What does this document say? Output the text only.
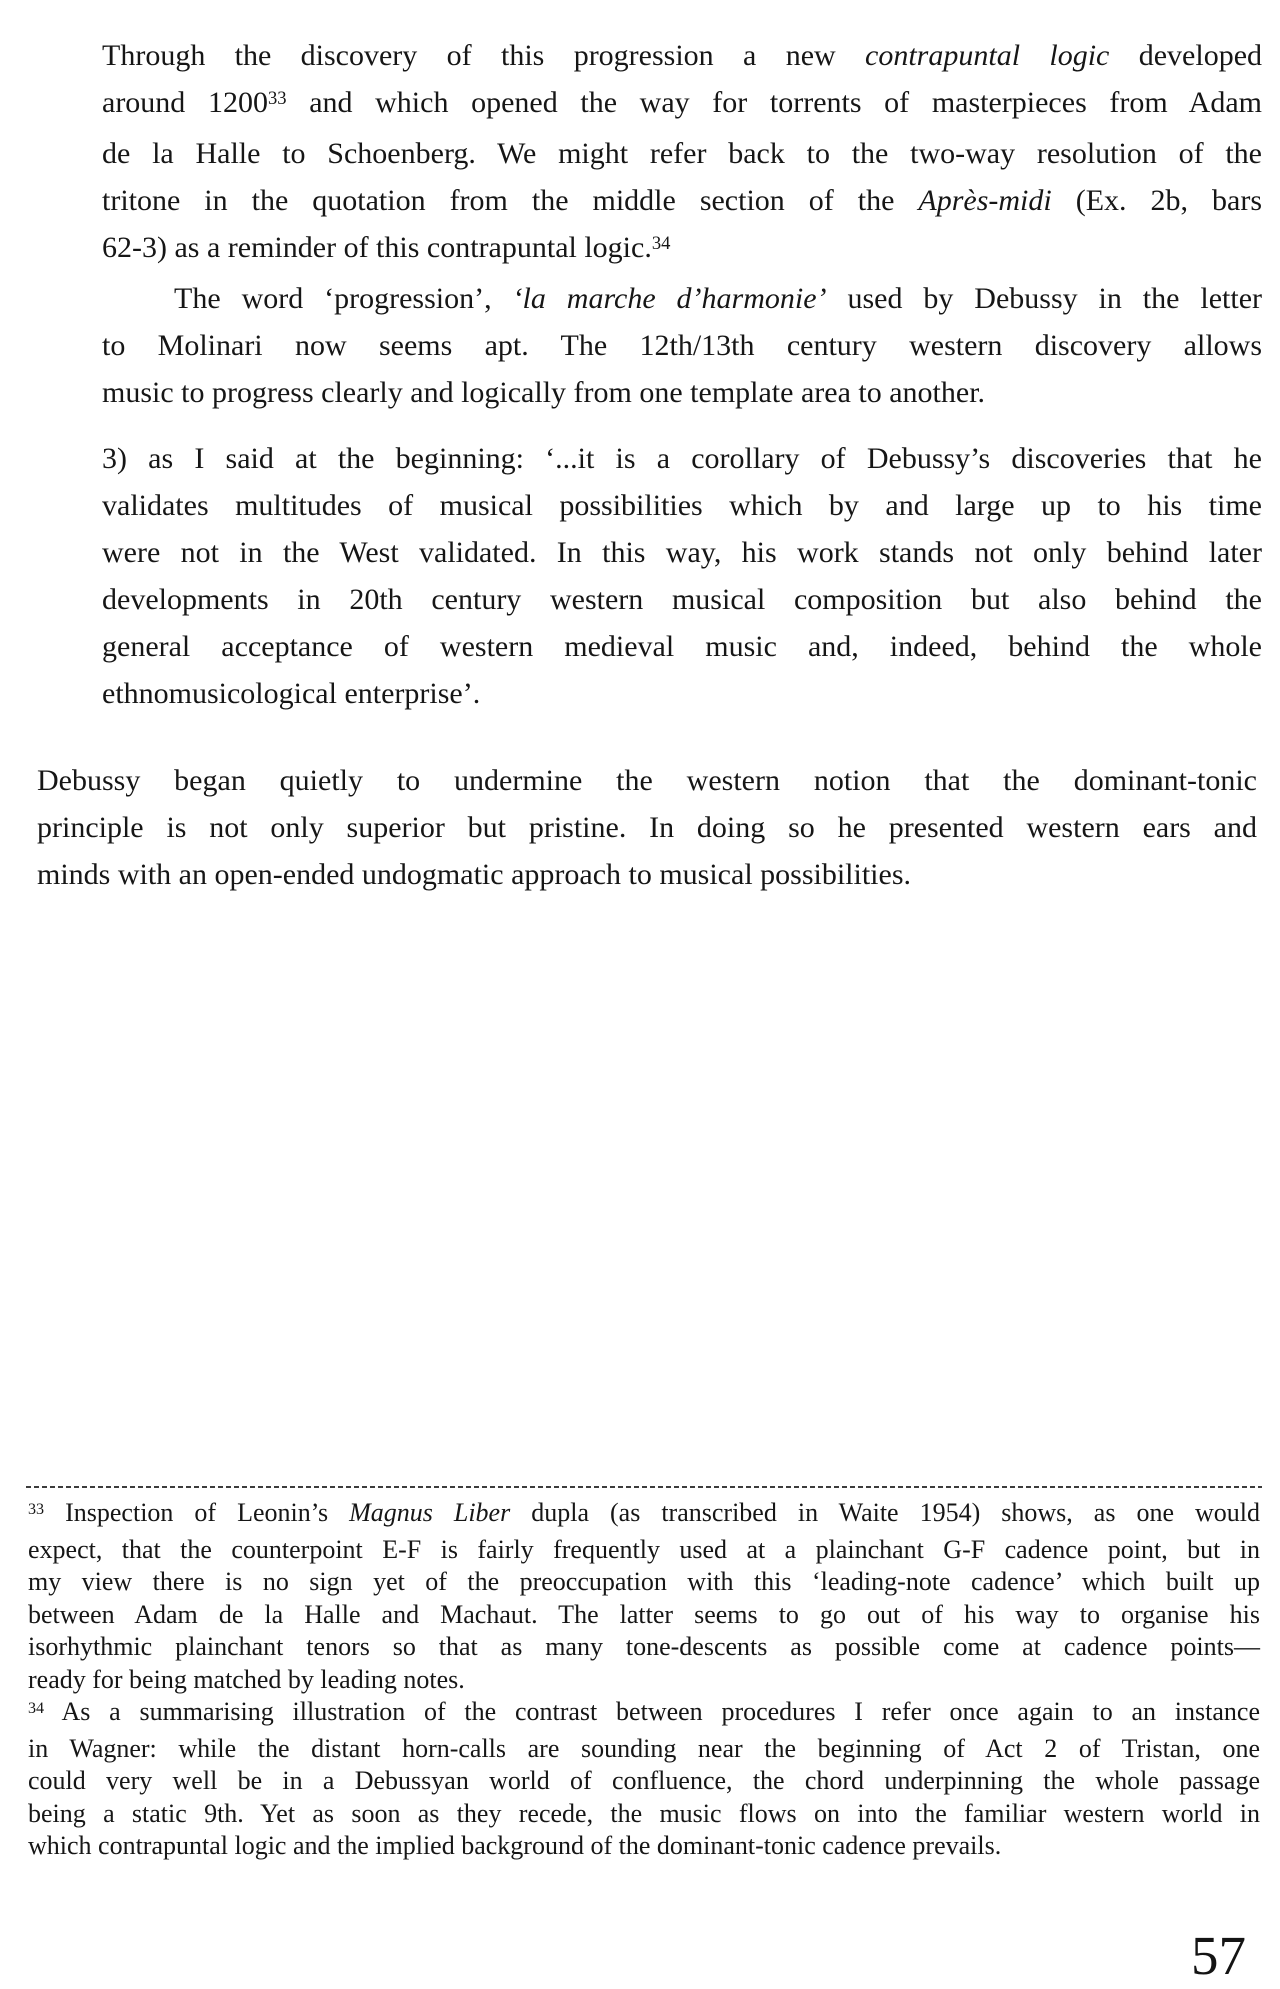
Through the discovery of this progression a new contrapuntal logic developed
around 1200$^{33}$ and which opened the way for torrents of masterpieces from Adam
de la Halle to Schoenberg. We might refer back to the two-way resolution of the
tritone in the quotation from the middle section of the Après-midi (Ex. 2b, bars
62-3) as a reminder of this contrapuntal logic.$^{34}$
The word ‘progression’, ‘la marche d’harmonie’ used by Debussy in the letter
to Molinari now seems apt. The 12th/13th century western discovery allows
music to progress clearly and logically from one template area to another.
3) as I said at the beginning: ‘...it is a corollary of Debussy’s discoveries that he
validates multitudes of musical possibilities which by and large up to his time
were not in the West validated. In this way, his work stands not only behind later
developments in 20th century western musical composition but also behind the
general acceptance of western medieval music and, indeed, behind the whole
ethnomusicological enterprise’.
Debussy began quietly to undermine the western notion that the dominant-tonic
principle is not only superior but pristine. In doing so he presented western ears and
minds with an open-ended undogmatic approach to musical possibilities.
$^{33}$ Inspection of Leonin’s Magnus Liber dupla (as transcribed in Waite 1954) shows, as one would
expect, that the counterpoint E-F is fairly frequently used at a plainchant G-F cadence point, but in
my view there is no sign yet of the preoccupation with this ‘leading-note cadence’ which built up
between Adam de la Halle and Machaut. The latter seems to go out of his way to organise his
isorhythmic plainchant tenors so that as many tone-descents as possible come at cadence points—
ready for being matched by leading notes.
$^{34}$ As a summarising illustration of the contrast between procedures I refer once again to an instance
in Wagner: while the distant horn-calls are sounding near the beginning of Act 2 of Tristan, one
could very well be in a Debussyan world of confluence, the chord underpinning the whole passage
being a static 9th. Yet as soon as they recede, the music flows on into the familiar western world in
which contrapuntal logic and the implied background of the dominant-tonic cadence prevails.
57
